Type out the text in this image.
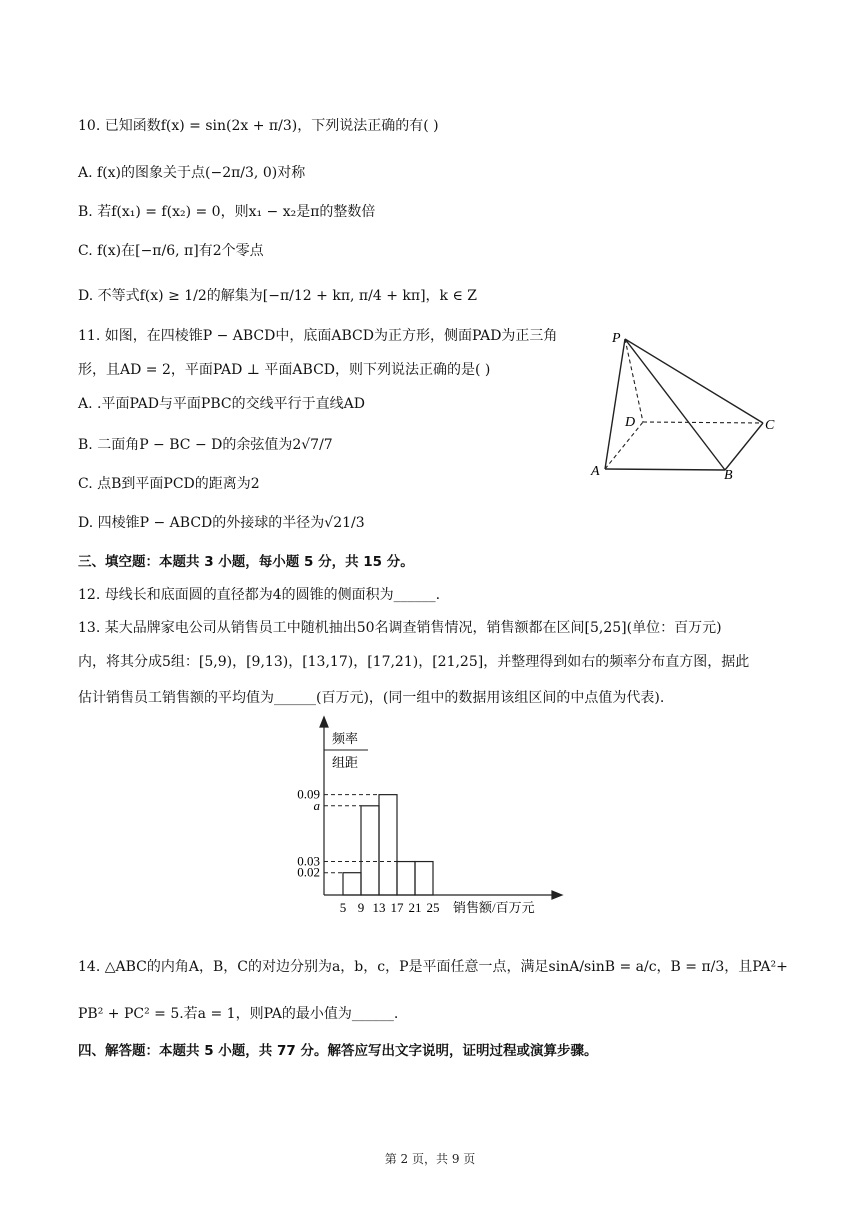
10. 已知函数f(x) = sin(2x + π/3)，下列说法正确的有( )
A. f(x)的图象关于点(−2π/3, 0)对称
B. 若f(x₁) = f(x₂) = 0，则x₁ − x₂是π的整数倍
C. f(x)在[−π/6, π]有2个零点
D. 不等式f(x) ≥ 1/2的解集为[−π/12 + kπ, π/4 + kπ]，k ∈ Z
11. 如图，在四棱锥P − ABCD中，底面ABCD为正方形，侧面PAD为正三角
形，且AD = 2，平面PAD ⊥ 平面ABCD，则下列说法正确的是( )
A. .平面PAD与平面PBC的交线平行于直线AD
B. 二面角P − BC − D的余弦值为2√7/7
C. 点B到平面PCD的距离为2
D. 四棱锥P − ABCD的外接球的半径为√21/3
P
D	C
A	B
三、填空题：本题共 3 小题，每小题 5 分，共 15 分。
12. 母线长和底面圆的直径都为4的圆锥的侧面积为______.
13. 某大品牌家电公司从销售员工中随机抽出50名调查销售情况，销售额都在区间[5,25](单位：百万元)
内，将其分成5组：[5,9)，[9,13)，[13,17)，[17,21)，[21,25]，并整理得到如右的频率分布直方图，据此
估计销售员工销售额的平均值为______(百万元)，(同一组中的数据用该组区间的中点值为代表).
频率
组距
0.09
a
0.03
0.02
5 9 13 17 21 25 销售额/百万元
14. △ABC的内角A，B，C的对边分别为a，b，c，P是平面任意一点，满足sinA/sinB = a/c，B = π/3，且PA²+
PB² + PC² = 5.若a = 1，则PA的最小值为______.
四、解答题：本题共 5 小题，共 77 分。解答应写出文字说明，证明过程或演算步骤。
第 2 页，共 9 页
